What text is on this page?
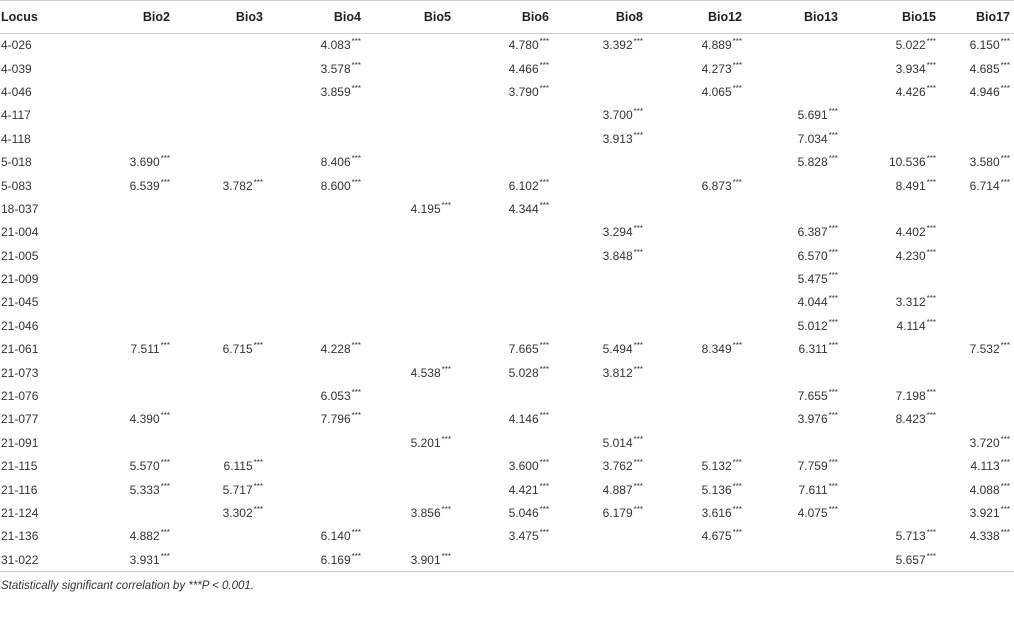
Locus	Bio2	Bio3	Bio4	Bio5	Bio6	Bio8	Bio12	Bio13	Bio15	Bio17
4-026			4.083***		4.780***	3.392***	4.889***		5.022***	6.150***
4-039			3.578***		4.466***		4.273***		3.934***	4.685***
4-046			3.859***		3.790***		4.065***		4.426***	4.946***
4-117						3.700***		5.691***		
4-118						3.913***		7.034***		
5-018	3.690***		8.406***					5.828***	10.536***	3.580***
5-083	6.539***	3.782***	8.600***		6.102***		6.873***		8.491***	6.714***
18-037				4.195***	4.344***					
21-004						3.294***		6.387***	4.402***	
21-005						3.848***		6.570***	4.230***	
21-009								5.475***		
21-045								4.044***	3.312***	
21-046								5.012***	4.114***	
21-061	7.511***	6.715***	4.228***		7.665***	5.494***	8.349***	6.311***		7.532***
21-073				4.538***	5.028***	3.812***				
21-076			6.053***					7.655***	7.198***	
21-077	4.390***		7.796***		4.146***			3.976***	8.423***	
21-091				5.201***		5.014***				3.720***
21-115	5.570***	6.115***			3.600***	3.762***	5.132***	7.759***		4.113***
21-116	5.333***	5.717***			4.421***	4.887***	5.136***	7.611***		4.088***
21-124		3.302***		3.856***	5.046***	6.179***	3.616***	4.075***		3.921***
21-136	4.882***		6.140***		3.475***		4.675***		5.713***	4.338***
31-022	3.931***		6.169***	3.901***					5.657***	
Statistically significant correlation by ***P < 0.001.
